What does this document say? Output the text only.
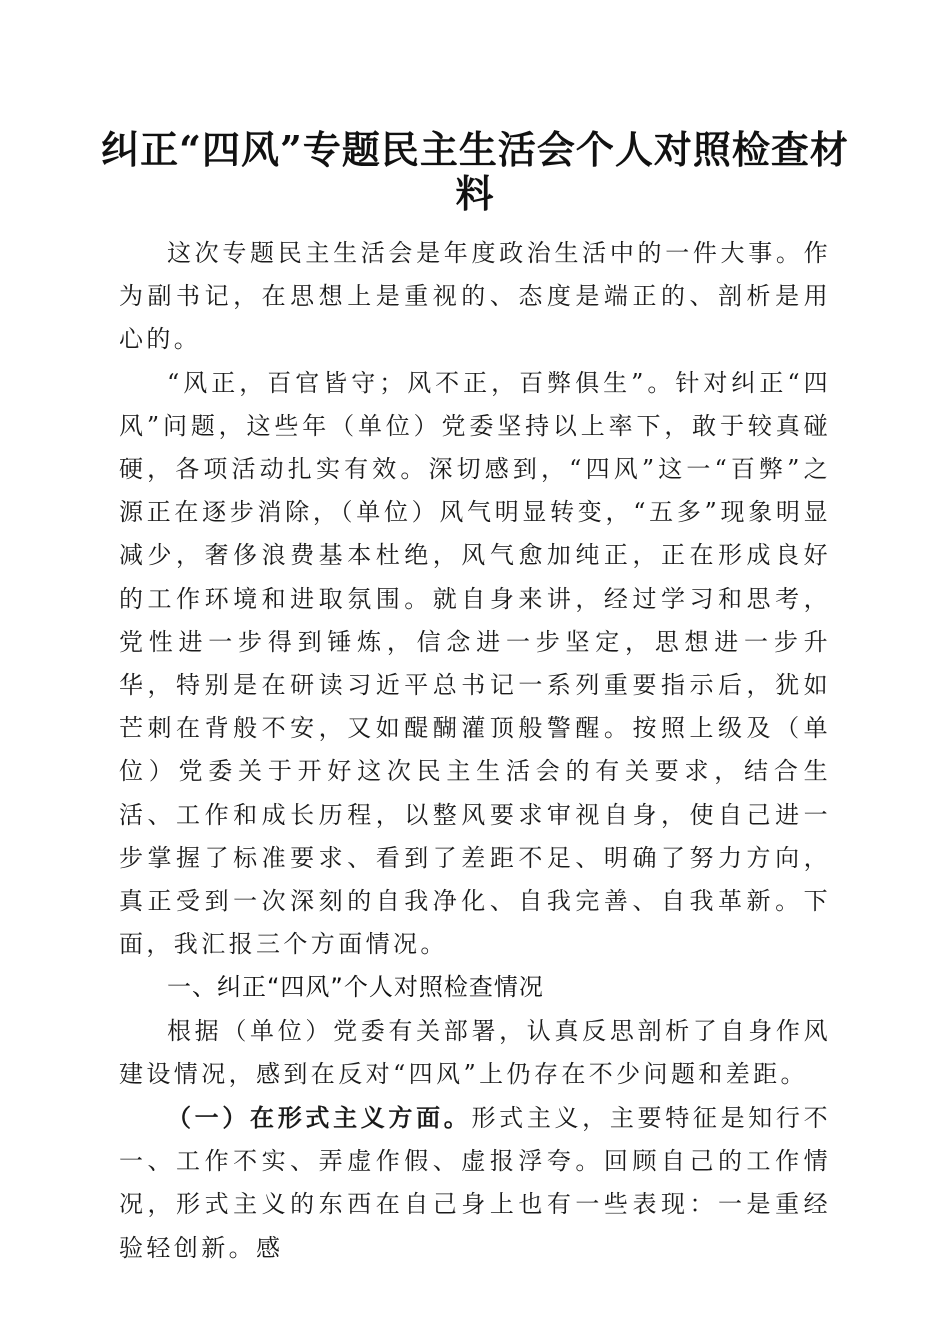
纠正“四风”专题民主生活会个人对照检查材料

这次专题民主生活会是年度政治生活中的一件大事。作为副书记，在思想上是重视的、态度是端正的、剖析是用心的。

“风正，百官皆守；风不正，百弊俱生”。针对纠正“四风”问题，这些年（单位）党委坚持以上率下，敢于较真碰硬，各项活动扎实有效。深切感到，“四风”这一“百弊”之源正在逐步消除，（单位）风气明显转变，“五多”现象明显减少，奢侈浪费基本杜绝，风气愈加纯正，正在形成良好的工作环境和进取氛围。就自身来讲，经过学习和思考，党性进一步得到锤炼，信念进一步坚定，思想进一步升华，特别是在研读习近平总书记一系列重要指示后，犹如芒刺在背般不安，又如醍醐灌顶般警醒。按照上级及（单位）党委关于开好这次民主生活会的有关要求，结合生活、工作和成长历程，以整风要求审视自身，使自己进一步掌握了标准要求、看到了差距不足、明确了努力方向，真正受到一次深刻的自我净化、自我完善、自我革新。下面，我汇报三个方面情况。

一、纠正“四风”个人对照检查情况

根据（单位）党委有关部署，认真反思剖析了自身作风建设情况，感到在反对“四风”上仍存在不少问题和差距。

（一）在形式主义方面。形式主义，主要特征是知行不一、工作不实、弄虚作假、虚报浮夸。回顾自己的工作情况，形式主义的东西在自己身上也有一些表现：一是重经验轻创新。感
